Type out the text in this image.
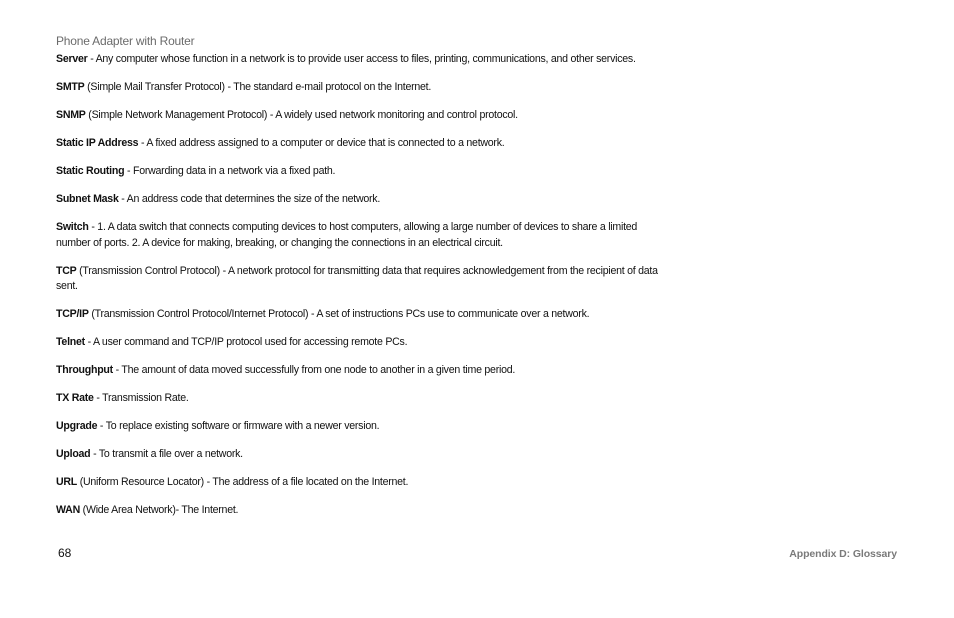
Phone Adapter with Router

Server - Any computer whose function in a network is to provide user access to files, printing, communications, and other services.

SMTP (Simple Mail Transfer Protocol) - The standard e-mail protocol on the Internet.

SNMP (Simple Network Management Protocol) - A widely used network monitoring and control protocol.

Static IP Address - A fixed address assigned to a computer or device that is connected to a network.

Static Routing - Forwarding data in a network via a fixed path.

Subnet Mask - An address code that determines the size of the network.

Switch - 1. A data switch that connects computing devices to host computers, allowing a large number of devices to share a limited number of ports. 2. A device for making, breaking, or changing the connections in an electrical circuit.

TCP (Transmission Control Protocol) - A network protocol for transmitting data that requires acknowledgement from the recipient of data sent.

TCP/IP (Transmission Control Protocol/Internet Protocol) - A set of instructions PCs use to communicate over a network.

Telnet - A user command and TCP/IP protocol used for accessing remote PCs.

Throughput - The amount of data moved successfully from one node to another in a given time period.

TX Rate - Transmission Rate.

Upgrade - To replace existing software or firmware with a newer version.

Upload - To transmit a file over a network.

URL (Uniform Resource Locator) - The address of a file located on the Internet.

WAN (Wide Area Network)- The Internet.

68	Appendix D: Glossary
